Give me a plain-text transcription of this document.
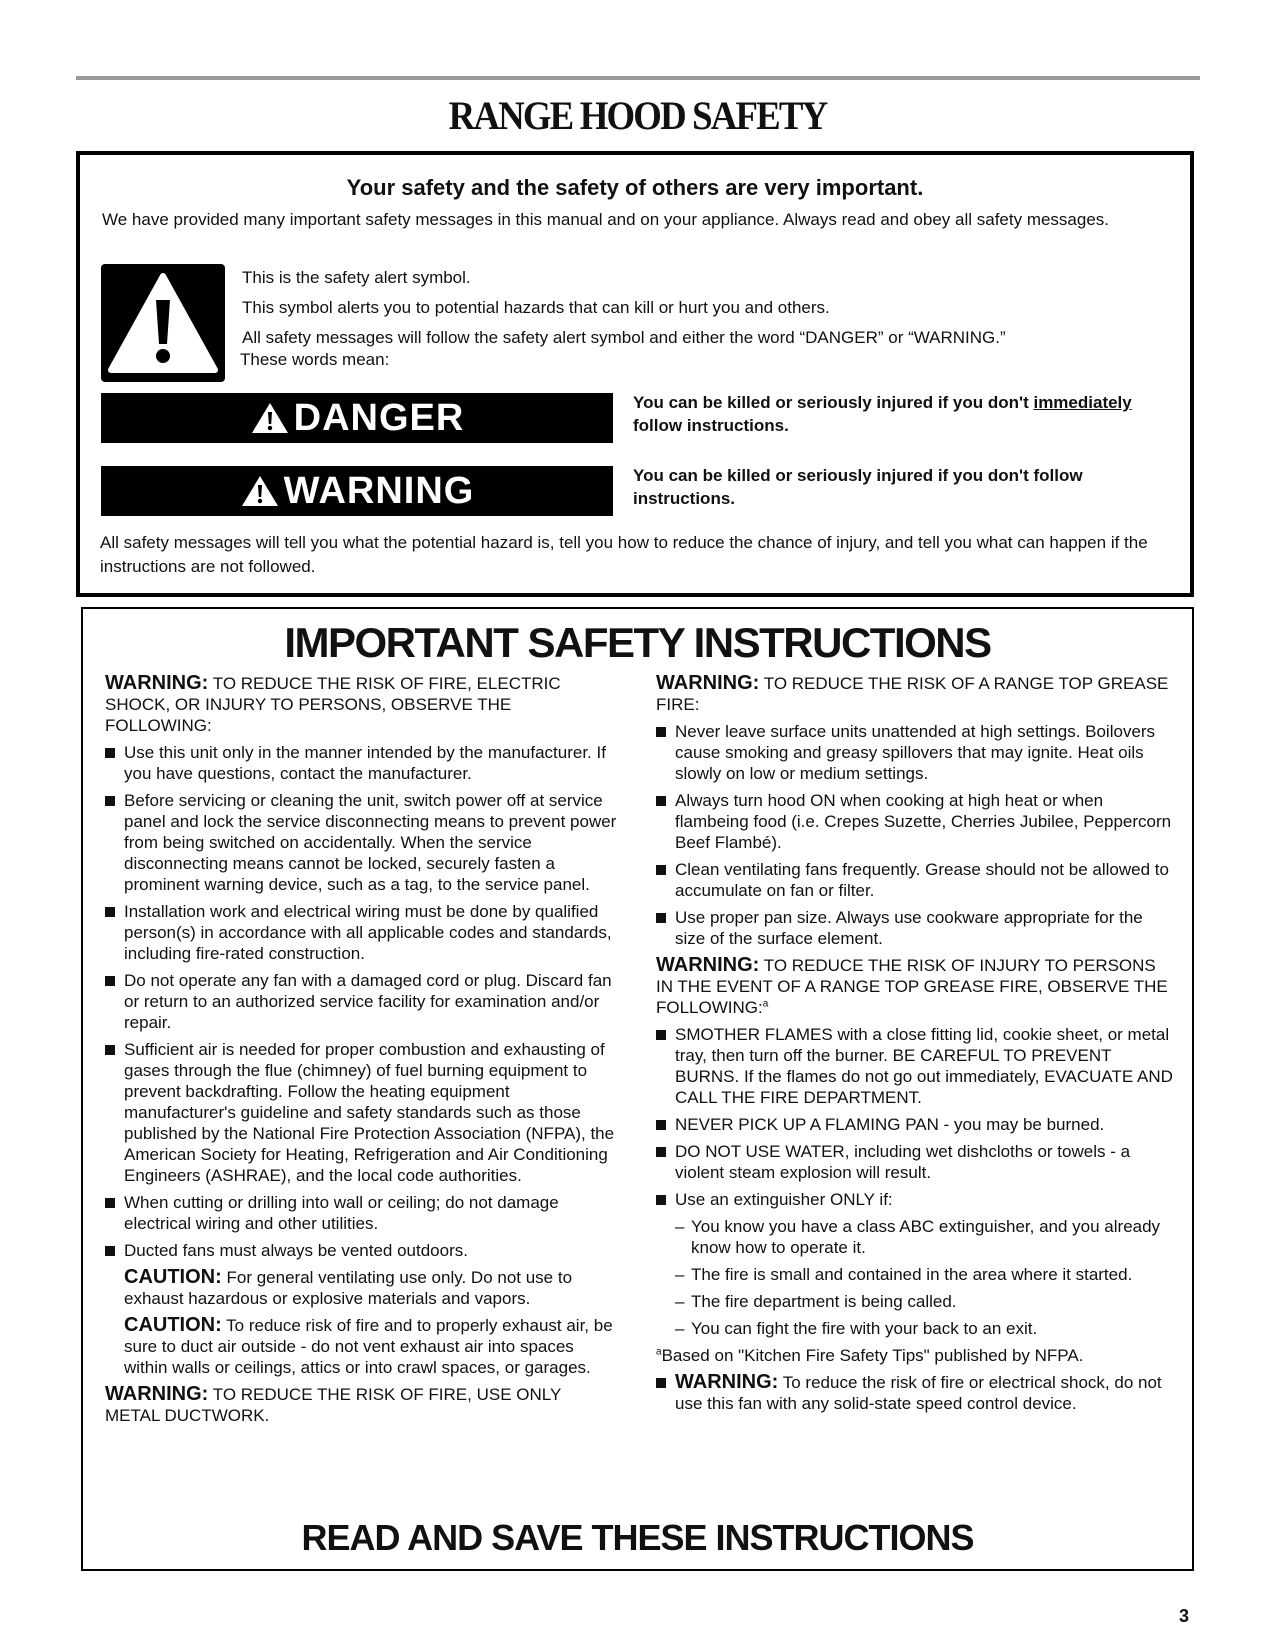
RANGE HOOD SAFETY
Your safety and the safety of others are very important.
We have provided many important safety messages in this manual and on your appliance. Always read and obey all safety messages.

This is the safety alert symbol.

This symbol alerts you to potential hazards that can kill or hurt you and others.

All safety messages will follow the safety alert symbol and either the word “DANGER” or “WARNING.”

These words mean:

DANGER	You can be killed or seriously injured if you don't immediately follow instructions.
WARNING	You can be killed or seriously injured if you don't follow instructions.
All safety messages will tell you what the potential hazard is, tell you how to reduce the chance of injury, and tell you what can happen if the instructions are not followed.
IMPORTANT SAFETY INSTRUCTIONS

WARNING: TO REDUCE THE RISK OF FIRE, ELECTRIC SHOCK, OR INJURY TO PERSONS, OBSERVE THE FOLLOWING:

Use this unit only in the manner intended by the manufacturer. If you have questions, contact the manufacturer.
Before servicing or cleaning the unit, switch power off at service panel and lock the service disconnecting means to prevent power from being switched on accidentally. When the service disconnecting means cannot be locked, securely fasten a prominent warning device, such as a tag, to the service panel.
Installation work and electrical wiring must be done by qualified person(s) in accordance with all applicable codes and standards, including fire-rated construction.
Do not operate any fan with a damaged cord or plug. Discard fan or return to an authorized service facility for examination and/or repair.
Sufficient air is needed for proper combustion and exhausting of gases through the flue (chimney) of fuel burning equipment to prevent backdrafting. Follow the heating equipment manufacturer's guideline and safety standards such as those published by the National Fire Protection Association (NFPA), the American Society for Heating, Refrigeration and Air Conditioning Engineers (ASHRAE), and the local code authorities.
When cutting or drilling into wall or ceiling; do not damage electrical wiring and other utilities.
Ducted fans must always be vented outdoors.

CAUTION: For general ventilating use only. Do not use to exhaust hazardous or explosive materials and vapors.

CAUTION: To reduce risk of fire and to properly exhaust air, be sure to duct air outside - do not vent exhaust air into spaces within walls or ceilings, attics or into crawl spaces, or garages.

WARNING: TO REDUCE THE RISK OF FIRE, USE ONLY METAL DUCTWORK.

WARNING: TO REDUCE THE RISK OF A RANGE TOP GREASE FIRE:

Never leave surface units unattended at high settings. Boilovers cause smoking and greasy spillovers that may ignite. Heat oils slowly on low or medium settings.
Always turn hood ON when cooking at high heat or when flambeing food (i.e. Crepes Suzette, Cherries Jubilee, Peppercorn Beef Flambé).
Clean ventilating fans frequently. Grease should not be allowed to accumulate on fan or filter.
Use proper pan size. Always use cookware appropriate for the size of the surface element.

WARNING: TO REDUCE THE RISK OF INJURY TO PERSONS IN THE EVENT OF A RANGE TOP GREASE FIRE, OBSERVE THE FOLLOWING:$^a$

SMOTHER FLAMES with a close fitting lid, cookie sheet, or metal tray, then turn off the burner. BE CAREFUL TO PREVENT BURNS. If the flames do not go out immediately, EVACUATE AND CALL THE FIRE DEPARTMENT.
NEVER PICK UP A FLAMING PAN - you may be burned.
DO NOT USE WATER, including wet dishcloths or towels - a violent steam explosion will result.
Use an extinguisher ONLY if:
– You know you have a class ABC extinguisher, and you already know how to operate it.
– The fire is small and contained in the area where it started.
– The fire department is being called.
– You can fight the fire with your back to an exit.

$^a$Based on "Kitchen Fire Safety Tips" published by NFPA.

WARNING: To reduce the risk of fire or electrical shock, do not use this fan with any solid-state speed control device.
READ AND SAVE THESE INSTRUCTIONS
3
